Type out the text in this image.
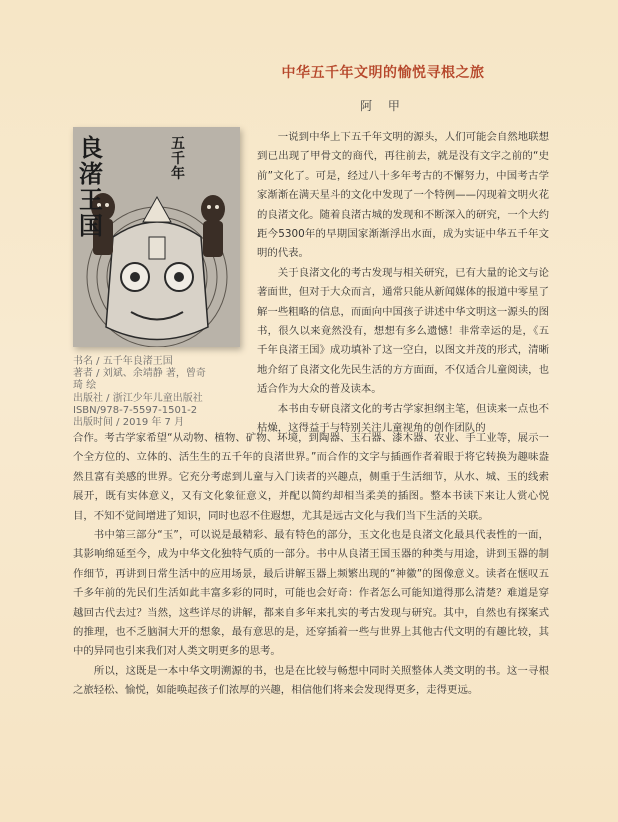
中华五千年文明的愉悦寻根之旅
阿 甲
良渚王国
五千年
书名 / 五千年良渚王国
著者 / 刘斌、余靖静 著，曾奇
琦 绘
出版社 / 浙江少年儿童出版社
ISBN/978-7-5597-1501-2
出版时间 / 2019 年 7 月

一说到中华上下五千年文明的源头，人们可能会自然地联想到已出现了甲骨文的商代，再往前去，就是没有文字之前的“史前”文化了。可是，经过八十多年考古的不懈努力，中国考古学家渐渐在满天星斗的文化中发现了一个特例——闪现着文明火花的良渚文化。随着良渚古城的发现和不断深入的研究，一个大约距今5300年的早期国家渐渐浮出水面，成为实证中华五千年文明的代表。

关于良渚文化的考古发现与相关研究，已有大量的论文与论著面世，但对于大众而言，通常只能从新闻媒体的报道中零星了解一些粗略的信息，而面向中国孩子讲述中华文明这一源头的图书，很久以来竟然没有，想想有多么遗憾！非常幸运的是，《五千年良渚王国》成功填补了这一空白，以图文并茂的形式，清晰地介绍了良渚文化先民生活的方方面面，不仅适合儿童阅读，也适合作为大众的普及读本。

本书由专研良渚文化的考古学家担纲主笔，但读来一点也不枯燥，这得益于与特别关注儿童视角的创作团队的

合作。考古学家希望“从动物、植物、矿物、环境，到陶器、玉石器、漆木器、农业、手工业等，展示一个全方位的、立体的、活生生的五千年的良渚世界。”而合作的文字与插画作者着眼于将它转换为趣味盎然且富有美感的世界。它充分考虑到儿童与入门读者的兴趣点，侧重于生活细节，从水、城、玉的线索展开，既有实体意义，又有文化象征意义，并配以简约却相当柔美的插图。整本书读下来让人赏心悦目，不知不觉间增进了知识，同时也忍不住遐想，尤其是远古文化与我们当下生活的关联。

书中第三部分“玉”，可以说是最精彩、最有特色的部分，玉文化也是良渚文化最具代表性的一面，其影响绵延至今，成为中华文化独特气质的一部分。书中从良渚王国玉器的种类与用途，讲到玉器的制作细节，再讲到日常生活中的应用场景，最后讲解玉器上频繁出现的“神徽”的图像意义。读者在惬叹五千多年前的先民们生活如此丰富多彩的同时，可能也会好奇：作者怎么可能知道得那么清楚？难道是穿越回古代去过？当然，这些详尽的讲解，都来自多年来扎实的考古发现与研究。其中，自然也有探案式的推理，也不乏脑洞大开的想象，最有意思的是，还穿插着一些与世界上其他古代文明的有趣比较，其中的异同也引来我们对人类文明更多的思考。

所以，这既是一本中华文明溯源的书，也是在比较与畅想中同时关照整体人类文明的书。这一寻根之旅轻松、愉悦，如能唤起孩子们浓厚的兴趣，相信他们将来会发现得更多，走得更远。
